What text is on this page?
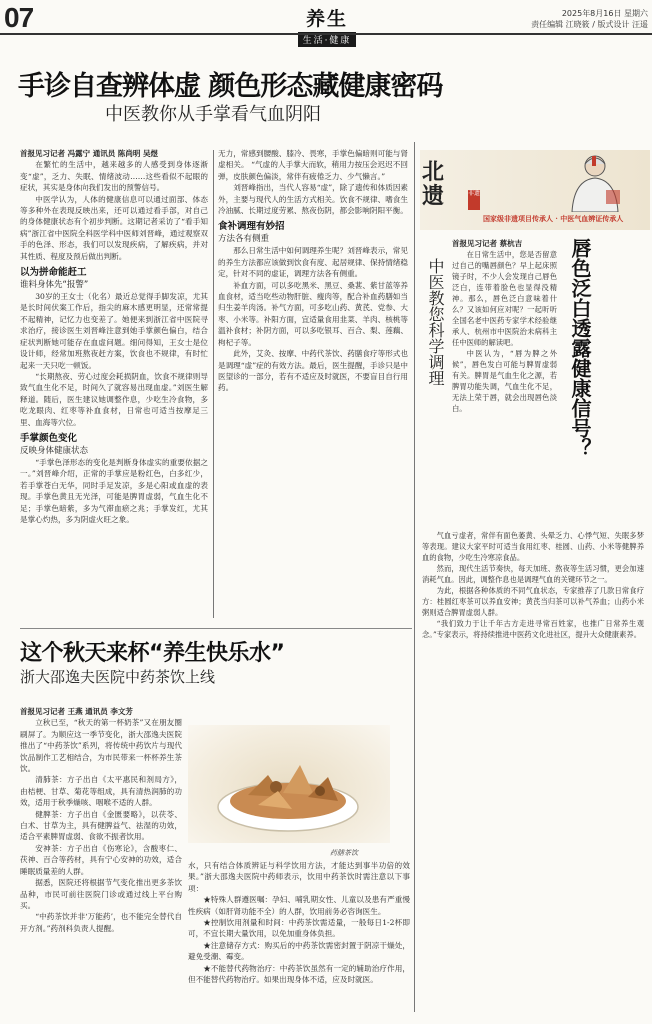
07	养生
生活·健康
2025年8月16日 星期六
责任编辑 江晓筱 / 版式设计 汪遥
手诊自查辨体虚 颜色形态藏健康密码
中医教你从手掌看气血阴阳
首报见习记者 冯露宁 通讯员 陈尚明 吴煜

在繁忙的生活中，越来越多的人感受到身体逐渐变“虚”，乏力、失眠、情绪波动……这些看似不起眼的症状，其实是身体向我们发出的预警信号。

中医学认为，人体的健康信息可以通过面部、体态等多种外在表现反映出来，还可以通过看手部，对自己的身体健康状态有个初步判断。这期记者采访了“看手知病”浙江省中医院全科医学科中医师刘晋峰，通过观察双手的色泽、形态，我们可以发现疾病，了解疾病，并对其性质、程度及预后做出判断。

以为拼命能赶工
谁料身体先“报警”

30岁的王女士（化名）最近总觉得手脚发凉，尤其是长时间伏案工作后，指尖的麻木感更明显，还常常提不起精神，记忆力也变差了。她便来到浙江省中医院寻求治疗，接诊医生刘晋峰注意到她手掌颜色偏白，结合症状判断她可能存在血虚问题。细问得知，王女士是位设计师，经常加班熬夜赶方案，饮食也不规律，有时忙起来一天只吃一顿饭。

“长期熬夜、劳心过度会耗损阴血，饮食不规律则导致气血生化不足，时间久了就容易出现血虚。”刘医生解释道。随后，医生建议她调整作息，少吃生冷食物，多吃龙眼肉、红枣等补血食材，日常也可适当按摩足三里、血海等穴位。

手掌颜色变化
反映身体健康状态

“手掌色泽形态的变化是判断身体虚实的重要依据之一。”刘晋峰介绍，正常的手掌应是粉红色，白多红少，若手掌苍白无华，同时手足发凉，多是心阳或血虚的表现。手掌色黄且无光泽，可能是脾胃虚弱，气血生化不足；手掌色暗紫，多为气滞血瘀之兆；手掌发红，尤其是掌心灼热，多为阴虚火旺之象。

无力，常感到腰酸、膝冷、畏寒，手掌色偏暗则可能与肾虚相关。 “气虚的人手掌大而软，稍用力按压会迟迟不回弹，皮肤颜色偏淡，常伴有疲倦乏力、少气懒言。”

刘晋峰指出，当代人容易“虚”，除了遗传和体质因素外，主要与现代人的生活方式相关。饮食不规律、嗜食生冷油腻、长期过度劳累、熬夜伤阴，都会影响阴阳平衡。

食补调理有妙招
方法各有侧重

那么日常生活中如何调理养生呢？刘晋峰表示，常见的养生方法都应该做到饮食有度、起居规律、保持情绪稳定，针对不同的虚证，调理方法各有侧重。

补血方面，可以多吃黑米、黑豆、桑葚、紫甘蓝等养血食材，适当吃些动物肝脏、瘦肉等，配合补血药膳如当归生姜羊肉汤。补气方面，可多吃山药、黄芪、党参、大枣、小米等。补阳方面，宜适量食用韭菜、羊肉、核桃等温补食材；补阴方面，可以多吃银耳、百合、梨、莲藕、枸杞子等。

此外，艾灸、按摩、中药代茶饮、药膳食疗等形式也是调理“虚”症的有效方法。最后，医生提醒，手诊只是中医望诊的一部分，若有不适应及时就医，不要盲目自行用药。

北遗	非遗
国家级非遗项目传承人 · 中医气血辨证传承人
唇色泛白透露健康信号？
中医教您科学调理
首报见习记者 蔡杭吉

在日常生活中，您是否留意过自己的嘴唇颜色？早上起床照镜子时，不少人会发现自己唇色泛白，连带着脸色也显得没精神。那么，唇色泛白意味着什么？又该如何应对呢？一起听听全国名老中医药专家学术经验继承人、杭州市中医院治未病科主任中医师的解读吧。

中医认为，“唇为脾之外候”，唇色发白可能与脾胃虚弱有关。脾胃是气血生化之源，若脾胃功能失调，气血生化不足，无法上荣于唇，就会出现唇色淡白。

气血亏虚者，常伴有面色萎黄、头晕乏力、心悸气短、失眠多梦等表现。建议大家平时可适当食用红枣、桂圆、山药、小米等健脾养血的食物，少吃生冷寒凉食品。

然而，现代生活节奏快，每天加班、熬夜等生活习惯，更会加速消耗气血。因此，调整作息也是调理气血的关键环节之一。

为此，根据各种体质的不同气血状态，专家推荐了几款日常食疗方：桂圆红枣茶可以养血安神；黄芪当归茶可以补气养血；山药小米粥则适合脾胃虚弱人群。

“我们致力于让千年古方走进寻常百姓家，也推广日常养生观念。”专家表示，将持续推进中医药文化进社区，提升大众健康素养。

这个秋天来杯“养生快乐水”
浙大邵逸夫医院中药茶饮上线
首报见习记者 王燕 通讯员 李文芳

立秋已至，“秋天的第一杯奶茶”又在朋友圈刷屏了。为顺应这一季节变化，浙大邵逸夫医院推出了“中药茶饮”系列，将传统中药饮片与现代饮品制作工艺相结合，为市民带来一杯杯养生茶饮。

清肺茶：方子出自《太平惠民和剂局方》，由桔梗、甘草、菊花等组成，具有清热润肺的功效，适用于秋季燥咳、咽喉不适的人群。

健脾茶：方子出自《金匮要略》，以茯苓、白术、甘草为主，具有健脾益气、祛湿的功效，适合平素脾胃虚弱、食欲不振者饮用。

安神茶：方子出自《伤寒论》，含酸枣仁、茯神、百合等药材，具有宁心安神的功效，适合睡眠质量差的人群。

据悉，医院还将根据节气变化推出更多茶饮品种，市民可前往医院门诊或通过线上平台购买。

“中药茶饮并非‘万能药’，也不能完全替代自开方剂。”药剂科负责人提醒。

药膳茶饮

水，只有结合体质辨证与科学饮用方法，才能达到事半功倍的效果。”浙大邵逸夫医院中药师表示，饮用中药茶饮时需注意以下事项：

★特殊人群遵医嘱：孕妇、哺乳期女性、儿童以及患有严重慢性疾病（如肝肾功能不全）的人群，饮用前务必咨询医生。

★控制饮用剂量和时间：中药茶饮需适量，一般每日1-2杯即可，不宜长期大量饮用，以免加重身体负担。

★注意储存方式：购买后的中药茶饮需密封置于阴凉干燥处，避免受潮、霉变。

★不能替代药物治疗：中药茶饮虽然有一定的辅助治疗作用，但不能替代药物治疗。如果出现身体不适，应及时就医。
